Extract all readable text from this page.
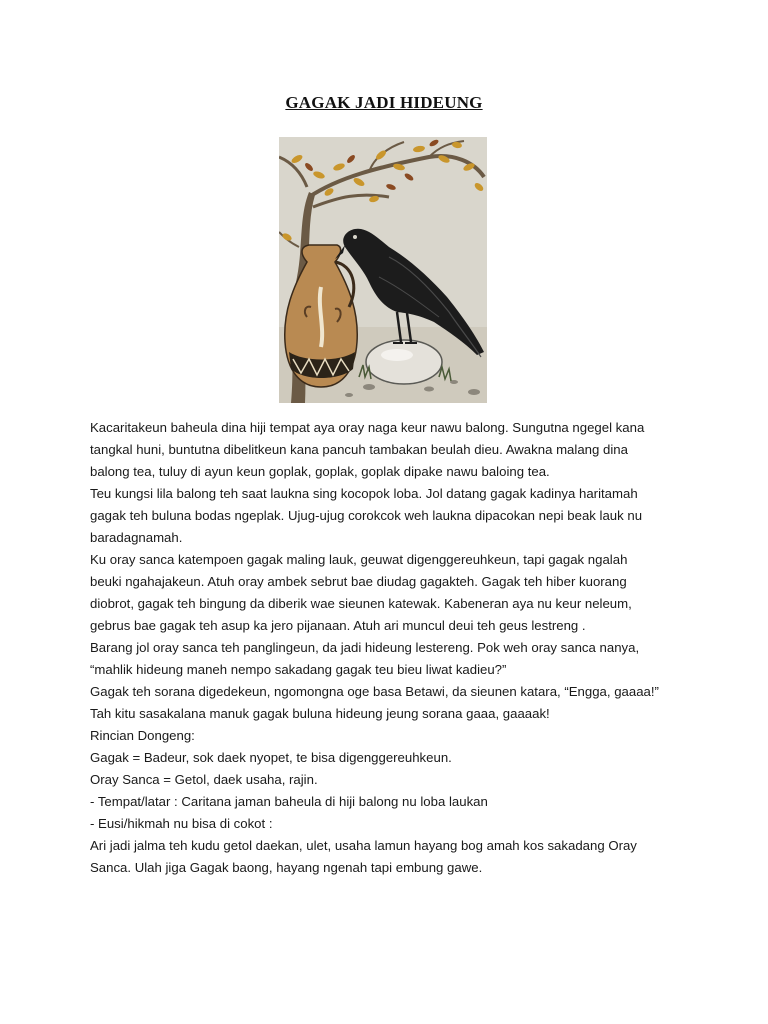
GAGAK JADI HIDEUNG
Kacaritakeun baheula dina hiji tempat aya oray naga keur nawu balong. Sungutna ngegel kana
tangkal huni, buntutna dibelitkeun kana pancuh tambakan beulah dieu. Awakna malang dina
balong tea, tuluy di ayun keun goplak, goplak, goplak dipake nawu baloing tea.
Teu kungsi lila balong teh saat laukna sing kocopok loba. Jol datang gagak kadinya haritamah
gagak teh buluna bodas ngeplak. Ujug-ujug corokcok weh laukna dipacokan nepi beak lauk nu
baradagnamah.
Ku oray sanca katempoen gagak maling lauk, geuwat digenggereuhkeun, tapi gagak ngalah
beuki ngahajakeun. Atuh oray ambek sebrut bae diudag gagakteh. Gagak teh hiber kuorang
diobrot, gagak teh bingung da diberik wae sieunen katewak. Kabeneran aya nu keur neleum,
gebrus bae gagak teh asup ka jero pijanaan. Atuh ari muncul deui teh geus lestreng .
Barang jol oray sanca teh panglingeun, da jadi hideung lestereng. Pok weh oray sanca nanya,
“mahlik hideung maneh nempo sakadang gagak teu bieu liwat kadieu?”
Gagak teh sorana digedekeun, ngomongna oge basa Betawi, da sieunen katara, “Engga, gaaaa!”
Tah kitu sasakalana manuk gagak buluna hideung jeung sorana gaaa, gaaaak!
Rincian Dongeng:
Gagak = Badeur, sok daek nyopet, te bisa digenggereuhkeun.
Oray Sanca = Getol, daek usaha, rajin.
- Tempat/latar : Caritana jaman baheula di hiji balong nu loba laukan
- Eusi/hikmah nu bisa di cokot :
Ari jadi jalma teh kudu getol daekan, ulet, usaha lamun hayang bog amah kos sakadang Oray
Sanca. Ulah jiga Gagak baong, hayang ngenah tapi embung gawe.
